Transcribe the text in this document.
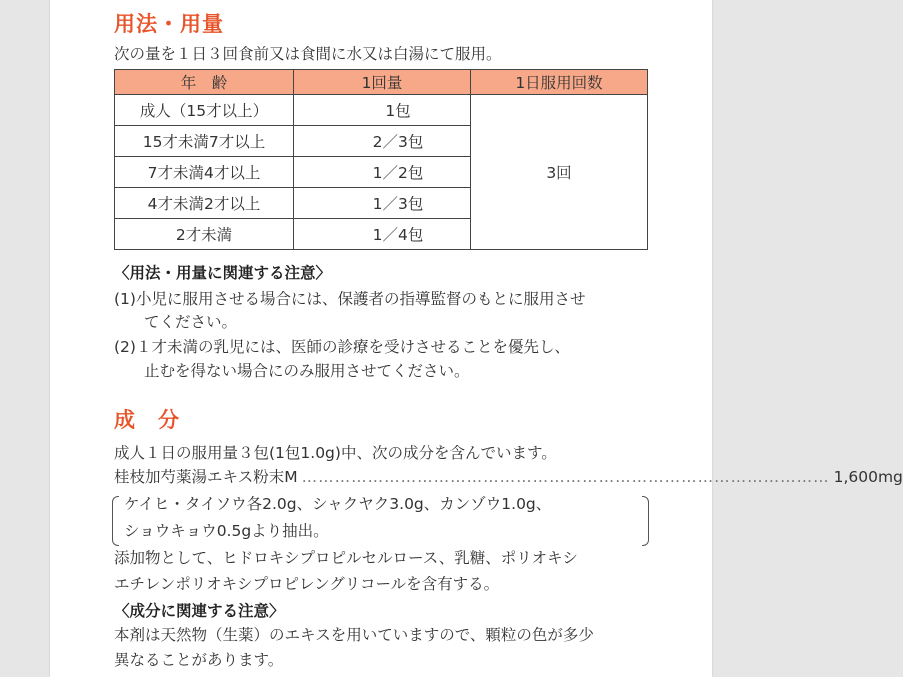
用法・用量
次の量を１日３回食前又は食間に水又は白湯にて服用。
年　齢	1回量	1日服用回数
成人（15才以上）	1包	3回
15才未満7才以上	2／3包	
7才未満4才以上	1／2包	
4才未満2才以上	1／3包	
2才未満	1／4包	
〈用法・用量に関連する注意〉
(1)小児に服用させる場合には、保護者の指導監督のもとに服用させ
てください。
(2)１才未満の乳児には、医師の診療を受けさせることを優先し、
止むを得ない場合にのみ服用させてください。
成　分
成人１日の服用量３包(1包1.0g)中、次の成分を含んでいます。
桂枝加芍薬湯エキス粉末M …………………………………………………………………………………… 1,600mg
ケイヒ・タイソウ各2.0g、シャクヤク3.0g、カンゾウ1.0g、
ショウキョウ0.5gより抽出。
添加物として、ヒドロキシプロピルセルロース、乳糖、ポリオキシ
エチレンポリオキシプロピレングリコールを含有する。
〈成分に関連する注意〉
本剤は天然物（生薬）のエキスを用いていますので、顆粒の色が多少
異なることがあります。
